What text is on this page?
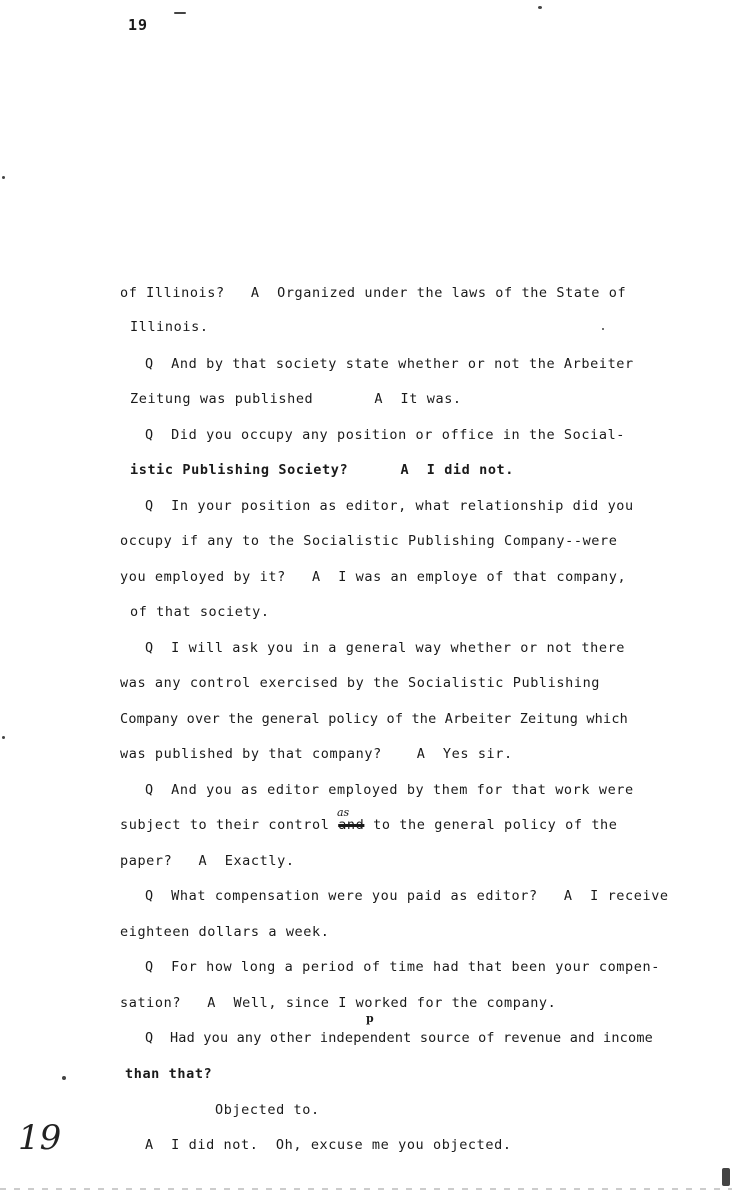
19
of Illinois?   A  Organized under the laws of the State of
Illinois.
Q  And by that society state whether or not the Arbeiter
Zeitung was published       A  It was.
Q  Did you occupy any position or office in the Social-
istic Publishing Society?      A  I did not.
Q  In your position as editor, what relationship did you
occupy if any to the Socialistic Publishing Company--were
you employed by it?   A  I was an employe of that company,
of that society.
Q  I will ask you in a general way whether or not there
was any control exercised by the Socialistic Publishing
Company over the general policy of the Arbeiter Zeitung which
was published by that company?    A  Yes sir.
Q  And you as editor employed by them for that work were
subject to their control and to the general policy of the
as
paper?   A  Exactly.
Q  What compensation were you paid as editor?   A  I receive
eighteen dollars a week.
Q  For how long a period of time had that been your compen-
sation?   A  Well, since I worked for the company.
p
Q  Had you any other independent source of revenue and income
than that?
Objected to.
A  I did not.  Oh, excuse me you objected.
19
